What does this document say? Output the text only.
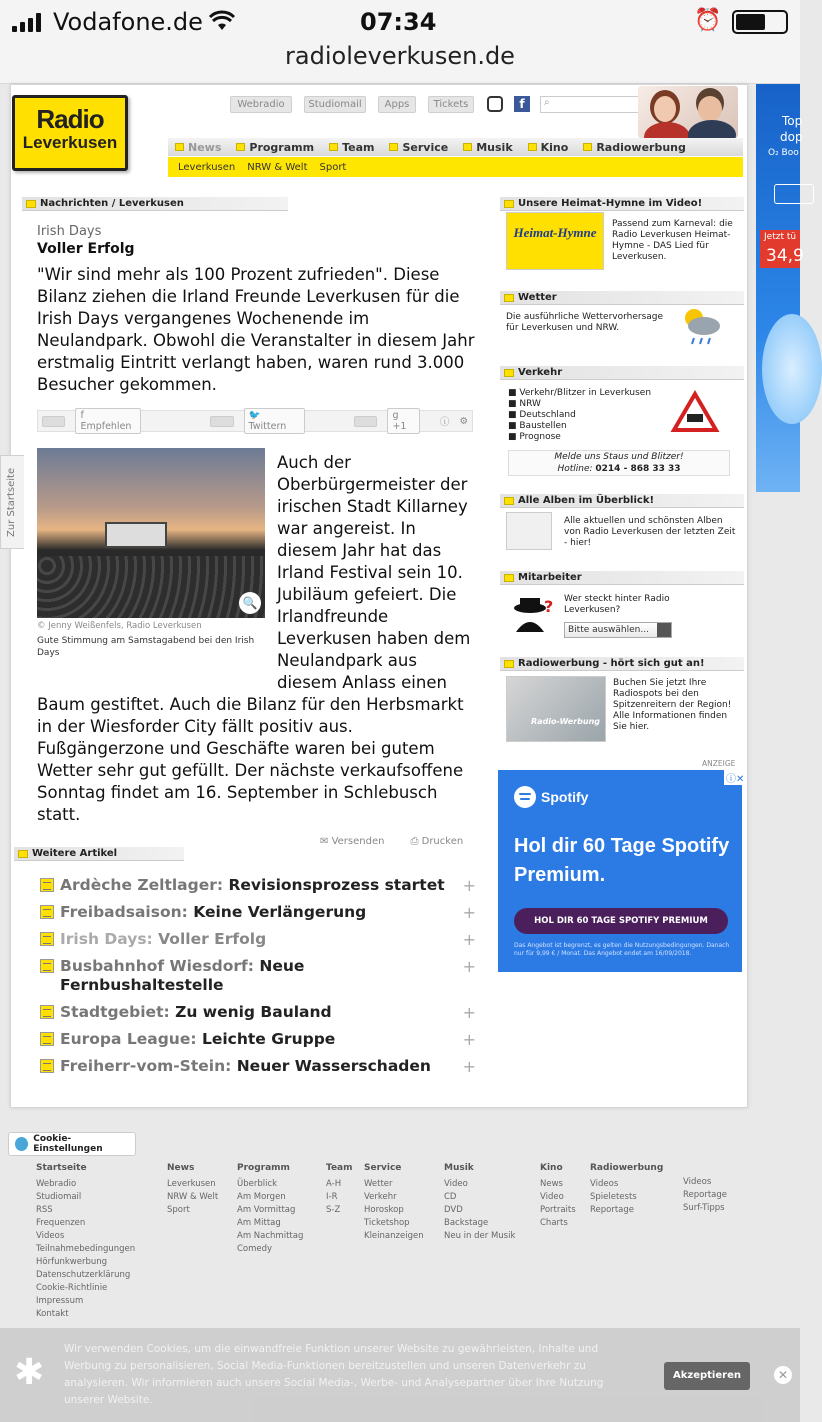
Vodafone.de	07:34	⏰
radioleverkusen.de
Top
dop
O₂ Boo
Jetzt tü
34,9
Radio
Leverkusen
Webradio	Studiomail	Apps	Tickets	f	⌕
News	Programm	Team	Service	Musik	Kino	Radiowerbung
Leverkusen NRW & Welt Sport
Zur Startseite
Nachrichten / Leverkusen
Irish Days
Voller Erfolg
"Wir sind mehr als 100 Prozent zufrieden". Diese Bilanz ziehen die Irland Freunde Leverkusen für die Irish Days vergangenes Wochenende im Neulandpark. Obwohl die Veranstalter in diesem Jahr erstmalig Eintritt verlangt haben, waren rund 3.000 Besucher gekommen.
f Empfehlen
🐦 Twittern
g +1	ⓘ ⚙
🔍
© Jenny Weißenfels, Radio Leverkusen
Gute Stimmung am Samstagabend bei den Irish Days
Auch der Oberbürgermeister der irischen Stadt Killarney war angereist. In diesem Jahr hat das Irland Festival sein 10. Jubiläum gefeiert. Die Irlandfreunde Leverkusen haben dem Neulandpark aus diesem Anlass einen
Baum gestiftet. Auch die Bilanz für den Herbsmarkt in der Wiesforder City fällt positiv aus. Fußgängerzone und Geschäfte waren bei gutem Wetter sehr gut gefüllt. Der nächste verkaufsoffene Sonntag findet am 16. September in Schlebusch statt.
✉ Versenden	⎙ Drucken
Weitere Artikel
Ardèche Zeltlager: Revisionsprozess startet +
Freibadsaison: Keine Verlängerung	+
Irish Days: Voller Erfolg	+
Busbahnhof Wiesdorf: Neue Fernbushaltestelle
+
Stadtgebiet: Zu wenig Bauland	+
Europa League: Leichte Gruppe	+
Freiherr-vom-Stein: Neuer Wasserschaden +
Unsere Heimat-Hymne im Video!
Heimat-Hymne
Passend zum Karneval: die Radio Leverkusen Heimat-Hymne - DAS Lied für Leverkusen.
Wetter
Die ausführliche Wettervorhersage für Leverkusen und NRW.
Verkehr
■ Verkehr/Blitzer in Leverkusen
■ NRW
■ Deutschland
■ Baustellen
■ Prognose
Melde uns Staus und Blitzer!
Hotline: 0214 - 868 33 33
Alle Alben im Überblick!
Alle aktuellen und schönsten Alben von Radio Leverkusen der letzten Zeit - hier!
Mitarbeiter
? Wer steckt hinter Radio Leverkusen?
Bitte auswählen...
Radiowerbung - hört sich gut an!
Radio-Werbung
Buchen Sie jetzt Ihre Radiospots bei den Spitzenreitern der Region! Alle Informationen finden Sie hier.
ANZEIGE
ⓘ✕
Spotify
Hol dir 60 Tage Spotify Premium.
HOL DIR 60 TAGE SPOTIFY PREMIUM
Das Angebot ist begrenzt, es gelten die Nutzungsbedingungen. Danach nur für 9,99 € / Monat. Das Angebot endet am 16/09/2018.
Cookie-Einstellungen
Startseite
Webradio
Studiomail
RSS
Frequenzen
Videos
Teilnahmebedingungen
Hörfunkwerbung
Datenschutzerklärung
Cookie-Richtlinie
Impressum
Kontakt
News
Leverkusen
NRW & Welt
Sport
Programm
Überblick
Am Morgen
Am Vormittag
Am Mittag
Am Nachmittag
Comedy
Team
A-H
I-R
S-Z
Service
Wetter
Verkehr
Horoskop
Ticketshop
Kleinanzeigen
Musik
Video
CD
DVD
Backstage
Neu in der Musik
Kino
News
Video
Portraits
Charts
Radiowerbung
Videos
Spieletests
Reportage
Videos
Reportage
Surf-Tipps
✱
Wir verwenden Cookies, um die einwandfreie Funktion unserer Website zu gewährleisten, Inhalte und Werbung zu personalisieren, Social Media-Funktionen bereitzustellen und unseren Datenverkehr zu analysieren. Wir informieren auch unsere Social Media-, Werbe- und Analysepartner über Ihre Nutzung unserer Website.
Akzeptieren	✕
